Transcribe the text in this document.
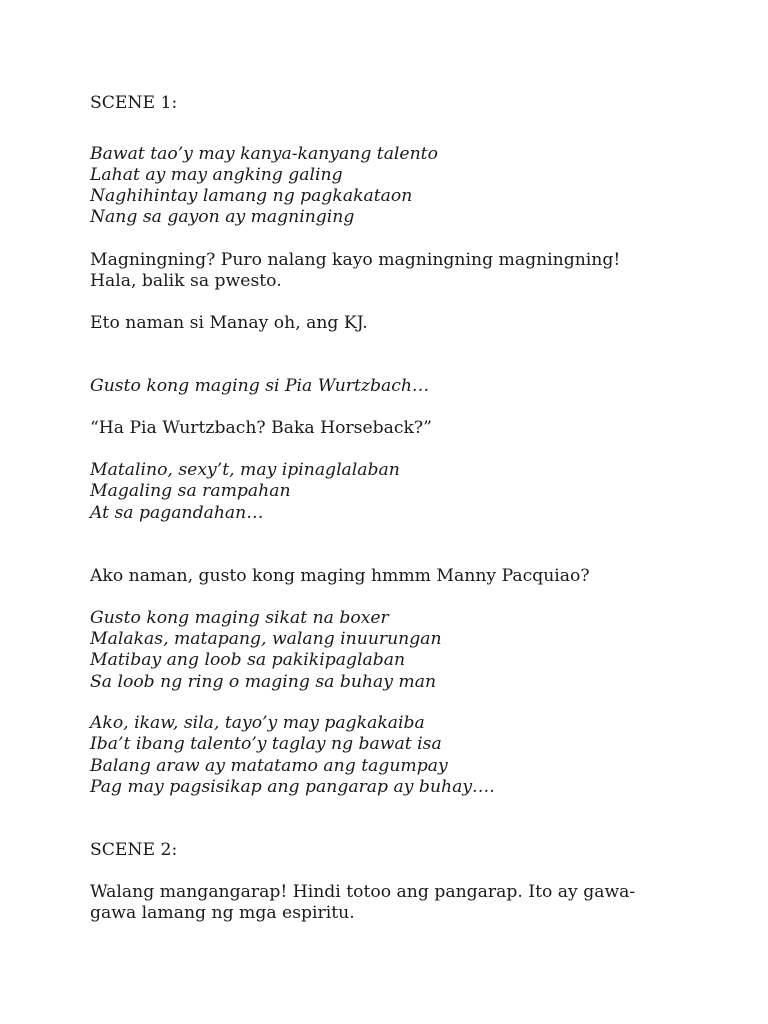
SCENE 1:

Bawat tao’y may kanya-kanyang talento

Lahat ay may angking galing

Naghihintay lamang ng pagkakataon

Nang sa gayon ay magninging

Magningning? Puro nalang kayo magningning magningning!

Hala, balik sa pwesto.

Eto naman si Manay oh, ang KJ.

Gusto kong maging si Pia Wurtzbach…

“Ha Pia Wurtzbach? Baka Horseback?”

Matalino, sexy’t, may ipinaglalaban

Magaling sa rampahan

At sa pagandahan…

Ako naman, gusto kong maging hmmm Manny Pacquiao?

Gusto kong maging sikat na boxer

Malakas, matapang, walang inuurungan

Matibay ang loob sa pakikipaglaban

Sa loob ng ring o maging sa buhay man

Ako, ikaw, sila, tayo’y may pagkakaiba

Iba’t ibang talento’y taglay ng bawat isa

Balang araw ay matatamo ang tagumpay

Pag may pagsisikap ang pangarap ay buhay….

SCENE 2:

Walang mangangarap! Hindi totoo ang pangarap. Ito ay gawa-

gawa lamang ng mga espiritu.
